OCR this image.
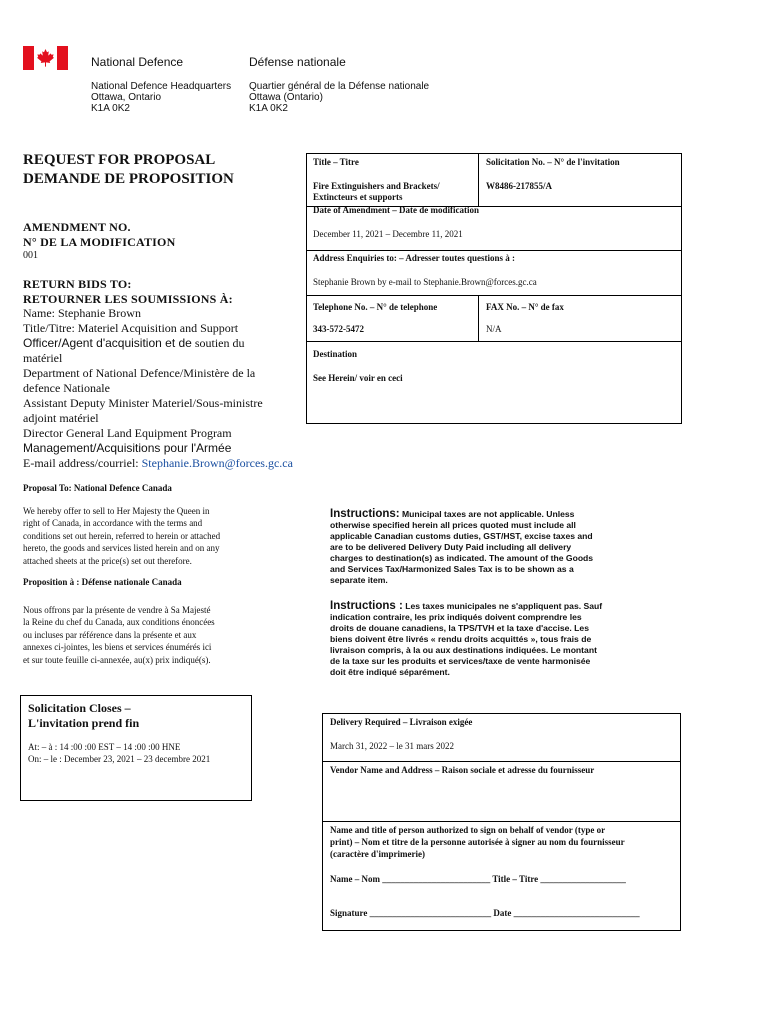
National Defence	Défense nationale
National Defence Headquarters
Ottawa, Ontario
K1A 0K2
Quartier général de la Défense nationale
Ottawa (Ontario)
K1A 0K2
REQUEST FOR PROPOSAL
DEMANDE DE PROPOSITION
AMENDMENT NO.
N° DE LA MODIFICATION
001
RETURN BIDS TO:
RETOURNER LES SOUMISSIONS À:
Name: Stephanie Brown
Title/Titre: Materiel Acquisition and Support
Officer/Agent d'acquisition et de soutien du
matériel
Department of National Defence/Ministère de la
defence Nationale
Assistant Deputy Minister Materiel/Sous-ministre
adjoint matériel
Director General Land Equipment Program
Management/Acquisitions pour l'Armée
E-mail address/courriel: Stephanie.Brown@forces.gc.ca
Proposal To: National Defence Canada
We hereby offer to sell to Her Majesty the Queen in
right of Canada, in accordance with the terms and
conditions set out herein, referred to herein or attached
hereto, the goods and services listed herein and on any
attached sheets at the price(s) set out therefore.
Proposition à : Défense nationale Canada
Nous offrons par la présente de vendre à Sa Majesté
la Reine du chef du Canada, aux conditions énoncées
ou incluses par référence dans la présente et aux
annexes ci-jointes, les biens et services énumérés ici
et sur toute feuille ci-annexée, au(x) prix indiqué(s).
Solicitation Closes –
L'invitation prend fin
At: – à : 14 :00 :00 EST – 14 :00 :00 HNE
On: – le : December 23, 2021 – 23 decembre 2021
Title – Titre
Fire Extinguishers and Brackets/
Extincteurs et supports
Solicitation No. – N° de l'invitation
W8486-217855/A
Date of Amendment – Date de modification
December 11, 2021 – Decembre 11, 2021
Address Enquiries to: – Adresser toutes questions à :
Stephanie Brown by e-mail to Stephanie.Brown@forces.gc.ca
Telephone No. – N° de telephone
343-572-5472
FAX No. – N° de fax
N/A
Destination
See Herein/ voir en ceci
Instructions: Municipal taxes are not applicable. Unless
otherwise specified herein all prices quoted must include all
applicable Canadian customs duties, GST/HST, excise taxes and
are to be delivered Delivery Duty Paid including all delivery
charges to destination(s) as indicated. The amount of the Goods
and Services Tax/Harmonized Sales Tax is to be shown as a
separate item.
Instructions : Les taxes municipales ne s'appliquent pas. Sauf
indication contraire, les prix indiqués doivent comprendre les
droits de douane canadiens, la TPS/TVH et la taxe d'accise. Les
biens doivent être livrés « rendu droits acquittés », tous frais de
livraison compris, à la ou aux destinations indiquées. Le montant
de la taxe sur les produits et services/taxe de vente harmonisée
doit être indiqué séparément.
Delivery Required – Livraison exigée
March 31, 2022 – le 31 mars 2022
Vendor Name and Address – Raison sociale et adresse du fournisseur
Name and title of person authorized to sign on behalf of vendor (type or
print) – Nom et titre de la personne autorisée à signer au nom du fournisseur
(caractère d'imprimerie)
Name – Nom ________________________ Title – Titre ___________________
Signature ___________________________ Date ____________________________
